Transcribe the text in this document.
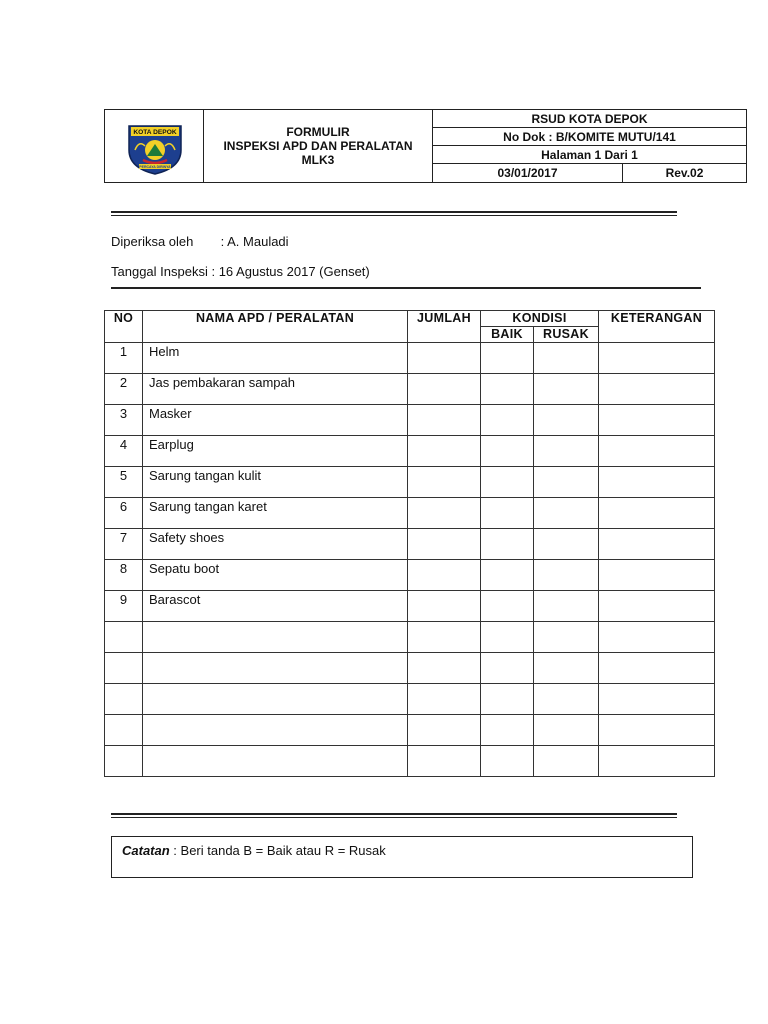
KOTA DEPOK
PERCAYA DIRINYA
FORMULIR
INSPEKSI APD DAN PERALATAN
MLK3
RSUD KOTA DEPOK
No Dok : B/KOMITE MUTU/141
Halaman 1 Dari 1
03/01/2017	Rev.02
Diperiksa oleh : A. Mauladi
Tanggal Inspeksi : 16 Agustus 2017 (Genset)
NO	NAMA APD / PERALATAN	JUMLAH	KONDISI		KETERANGAN
			BAIK	RUSAK	
1	Helm				
2	Jas pembakaran sampah				
3	Masker				
4	Earplug				
5	Sarung tangan kulit				
6	Sarung tangan karet				
7	Safety shoes				
8	Sepatu boot				
9	Barascot				

Catatan : Beri tanda B = Baik atau R = Rusak
